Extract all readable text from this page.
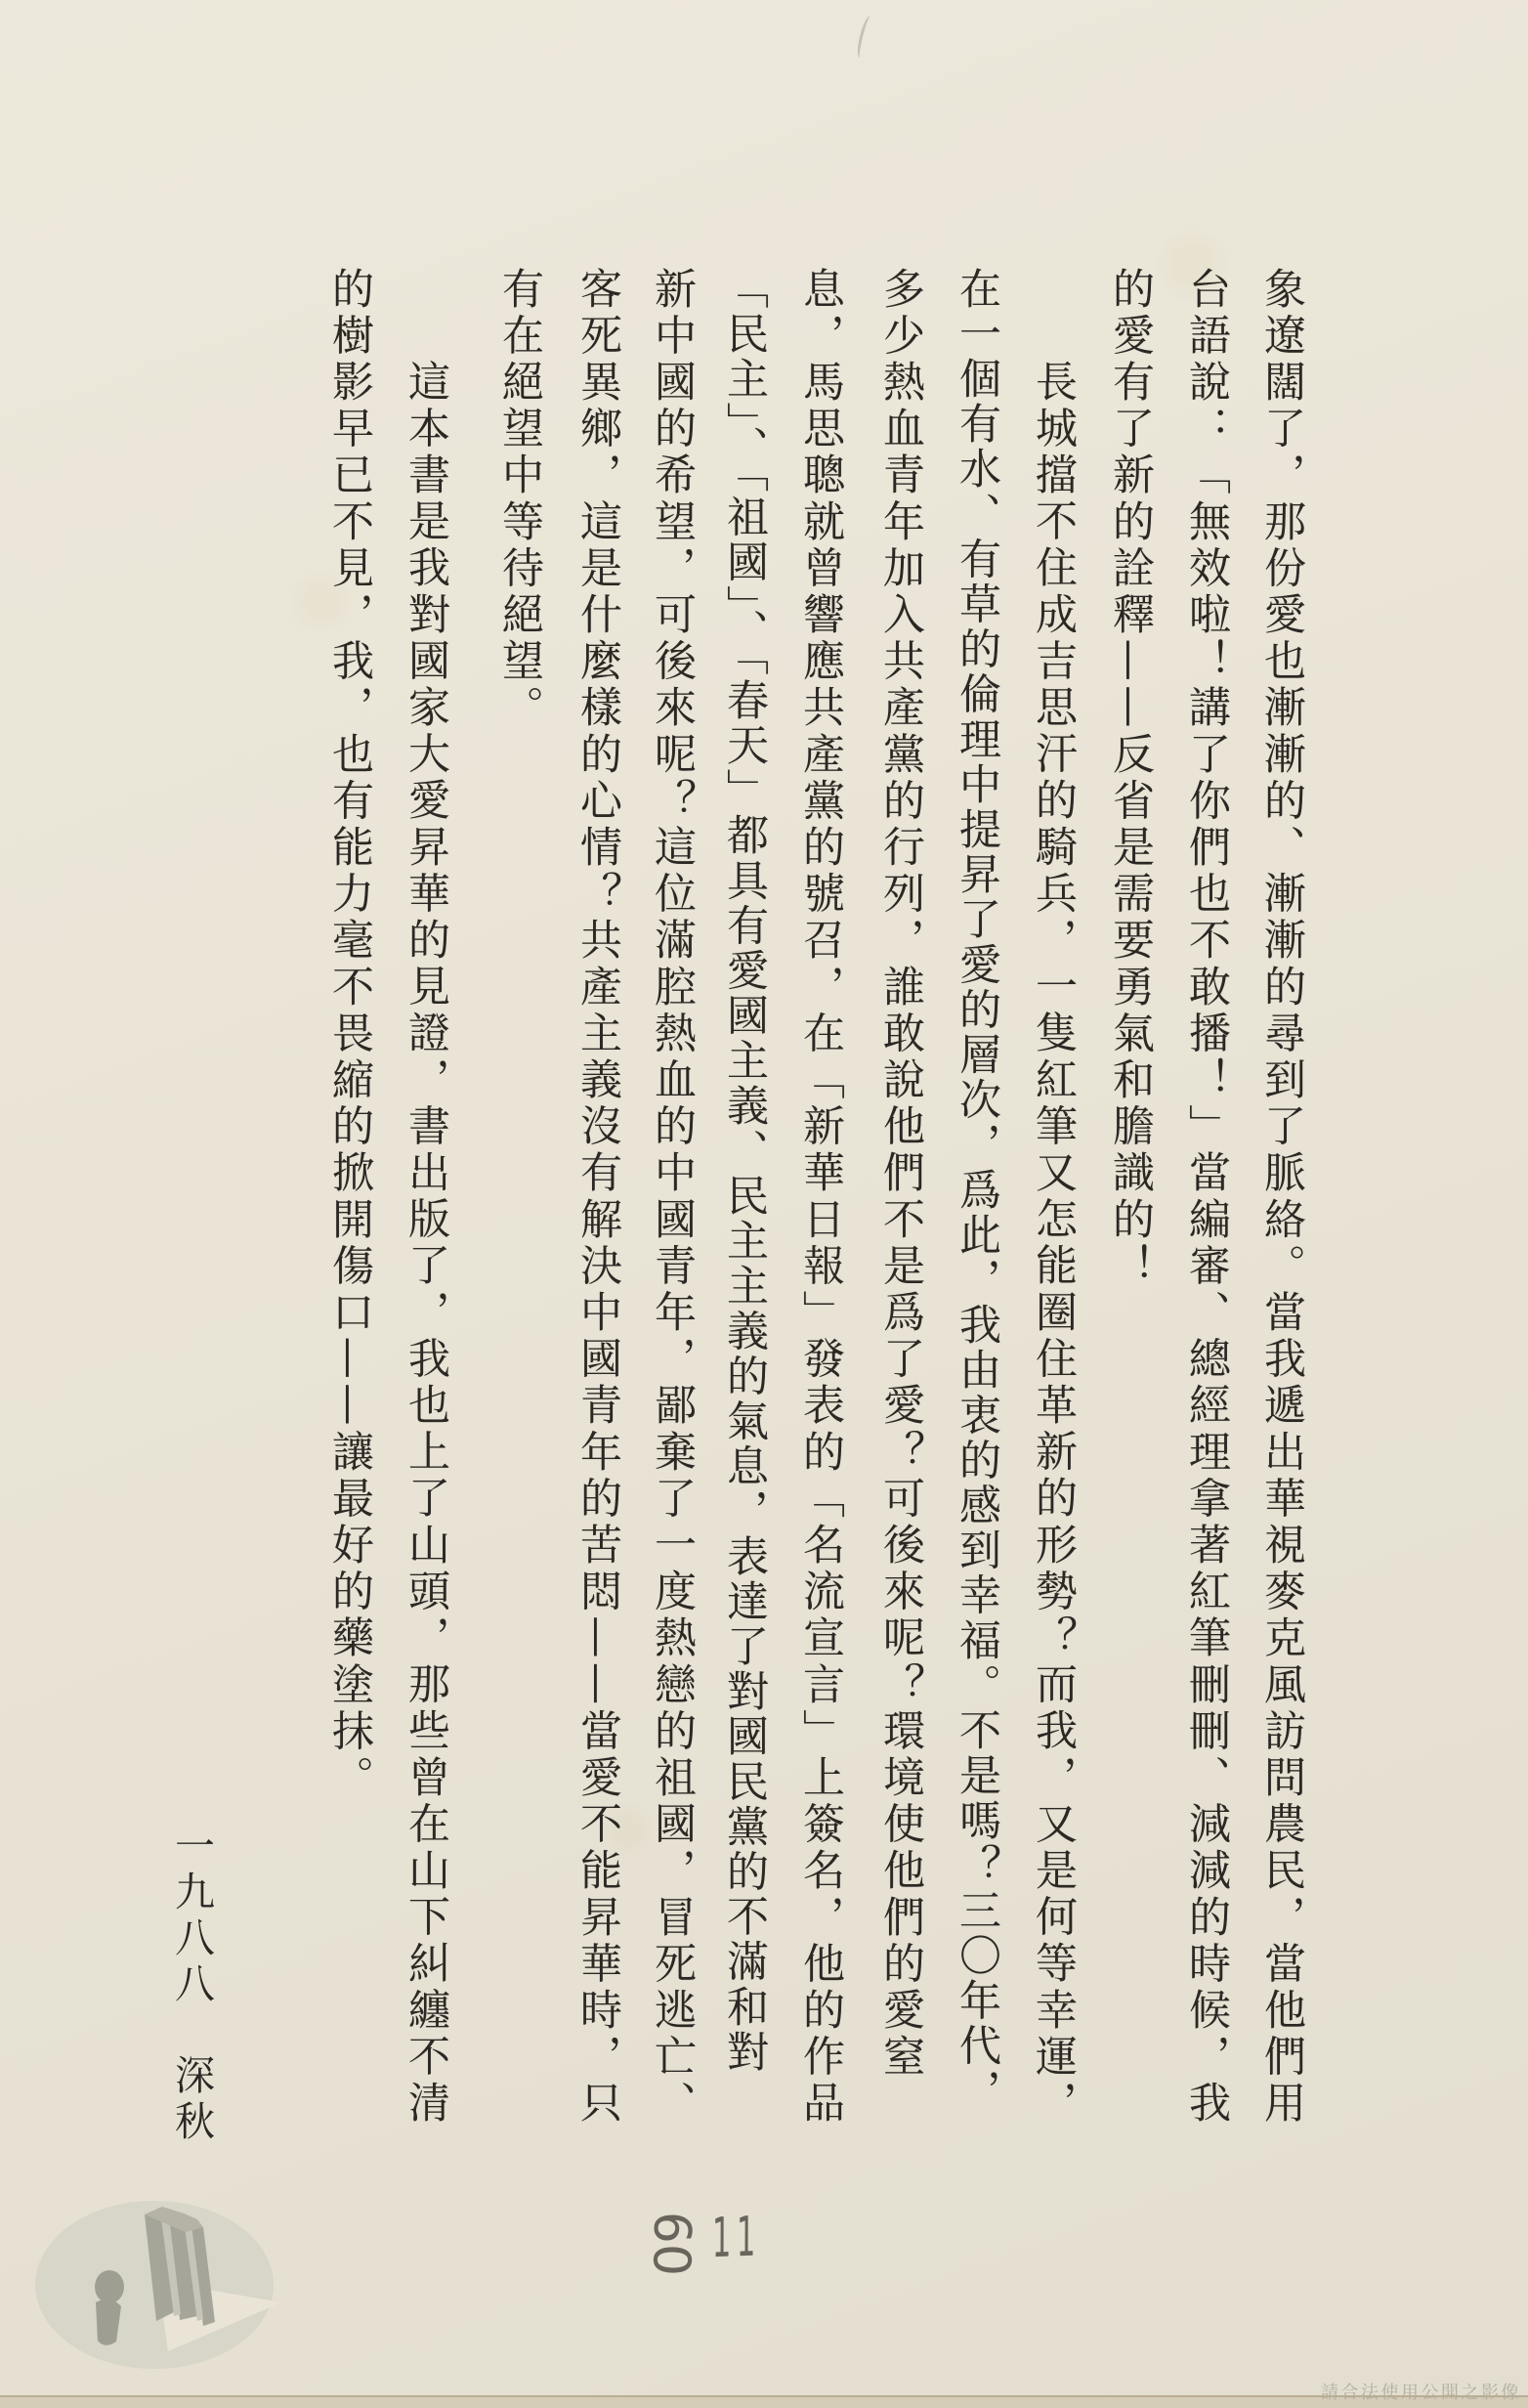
象遼闊了，那份愛也漸漸的、漸漸的尋到了脈絡。當我遞出華視麥克風訪問農民，當他們用
台語說：「無效啦！講了你們也不敢播！」當編審、總經理拿著紅筆刪刪、減減的時候，我
的愛有了新的詮釋——反省是需要勇氣和膽識的！
長城擋不住成吉思汗的騎兵，一隻紅筆又怎能圈住革新的形勢？而我，又是何等幸運，
在一個有水、有草的倫理中提昇了愛的層次，爲此，我由衷的感到幸福。不是嗎？三〇年代，
多少熱血青年加入共產黨的行列，誰敢說他們不是爲了愛？可後來呢？環境使他們的愛窒
息，馬思聰就曾響應共產黨的號召，在「新華日報」發表的「名流宣言」上簽名，他的作品
「民主」、「祖國」、「春天」都具有愛國主義、民主主義的氣息，表達了對國民黨的不滿和對
新中國的希望，可後來呢？這位滿腔熱血的中國青年，鄙棄了一度熱戀的祖國，冒死逃亡、
客死異鄉，這是什麼樣的心情？共產主義沒有解決中國青年的苦悶——當愛不能昇華時，只
有在絕望中等待絕望。
這本書是我對國家大愛昇華的見證，書出版了，我也上了山頭，那些曾在山下糾纏不清
的樹影早已不見，我，也有能力毫不畏縮的掀開傷口——讓最好的藥塗抹。
一九八八　深秋
60 11
請合法使用公開之影像
